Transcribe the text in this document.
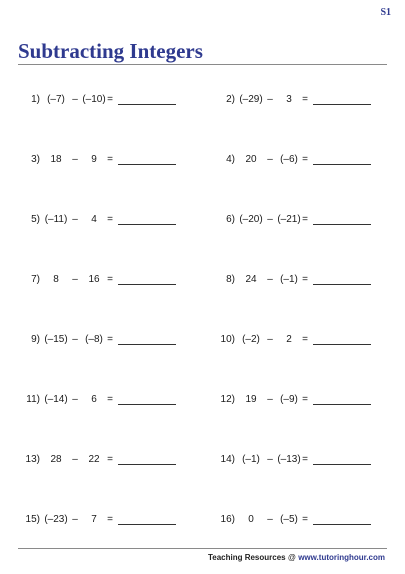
S1
Subtracting Integers
1) (–7) – (–10) =	2) (–29) –	3	=
3)	18	–	9	=	4)	20	– (–6) =
5) (–11) –	4	=	6) (–20) – (–21) =
7)	8	–	16 =	8)	24	– (–1) =
9) (–15) – (–8) =	10) (–2) –	2	=
11) (–14) –	6	=	12)	19	– (–9) =
13)	28	–	22 =	14) (–1) – (–13) =
15) (–23) –	7	=	16)	0	– (–5) =
Teaching Resources @ www.tutoringhour.com
